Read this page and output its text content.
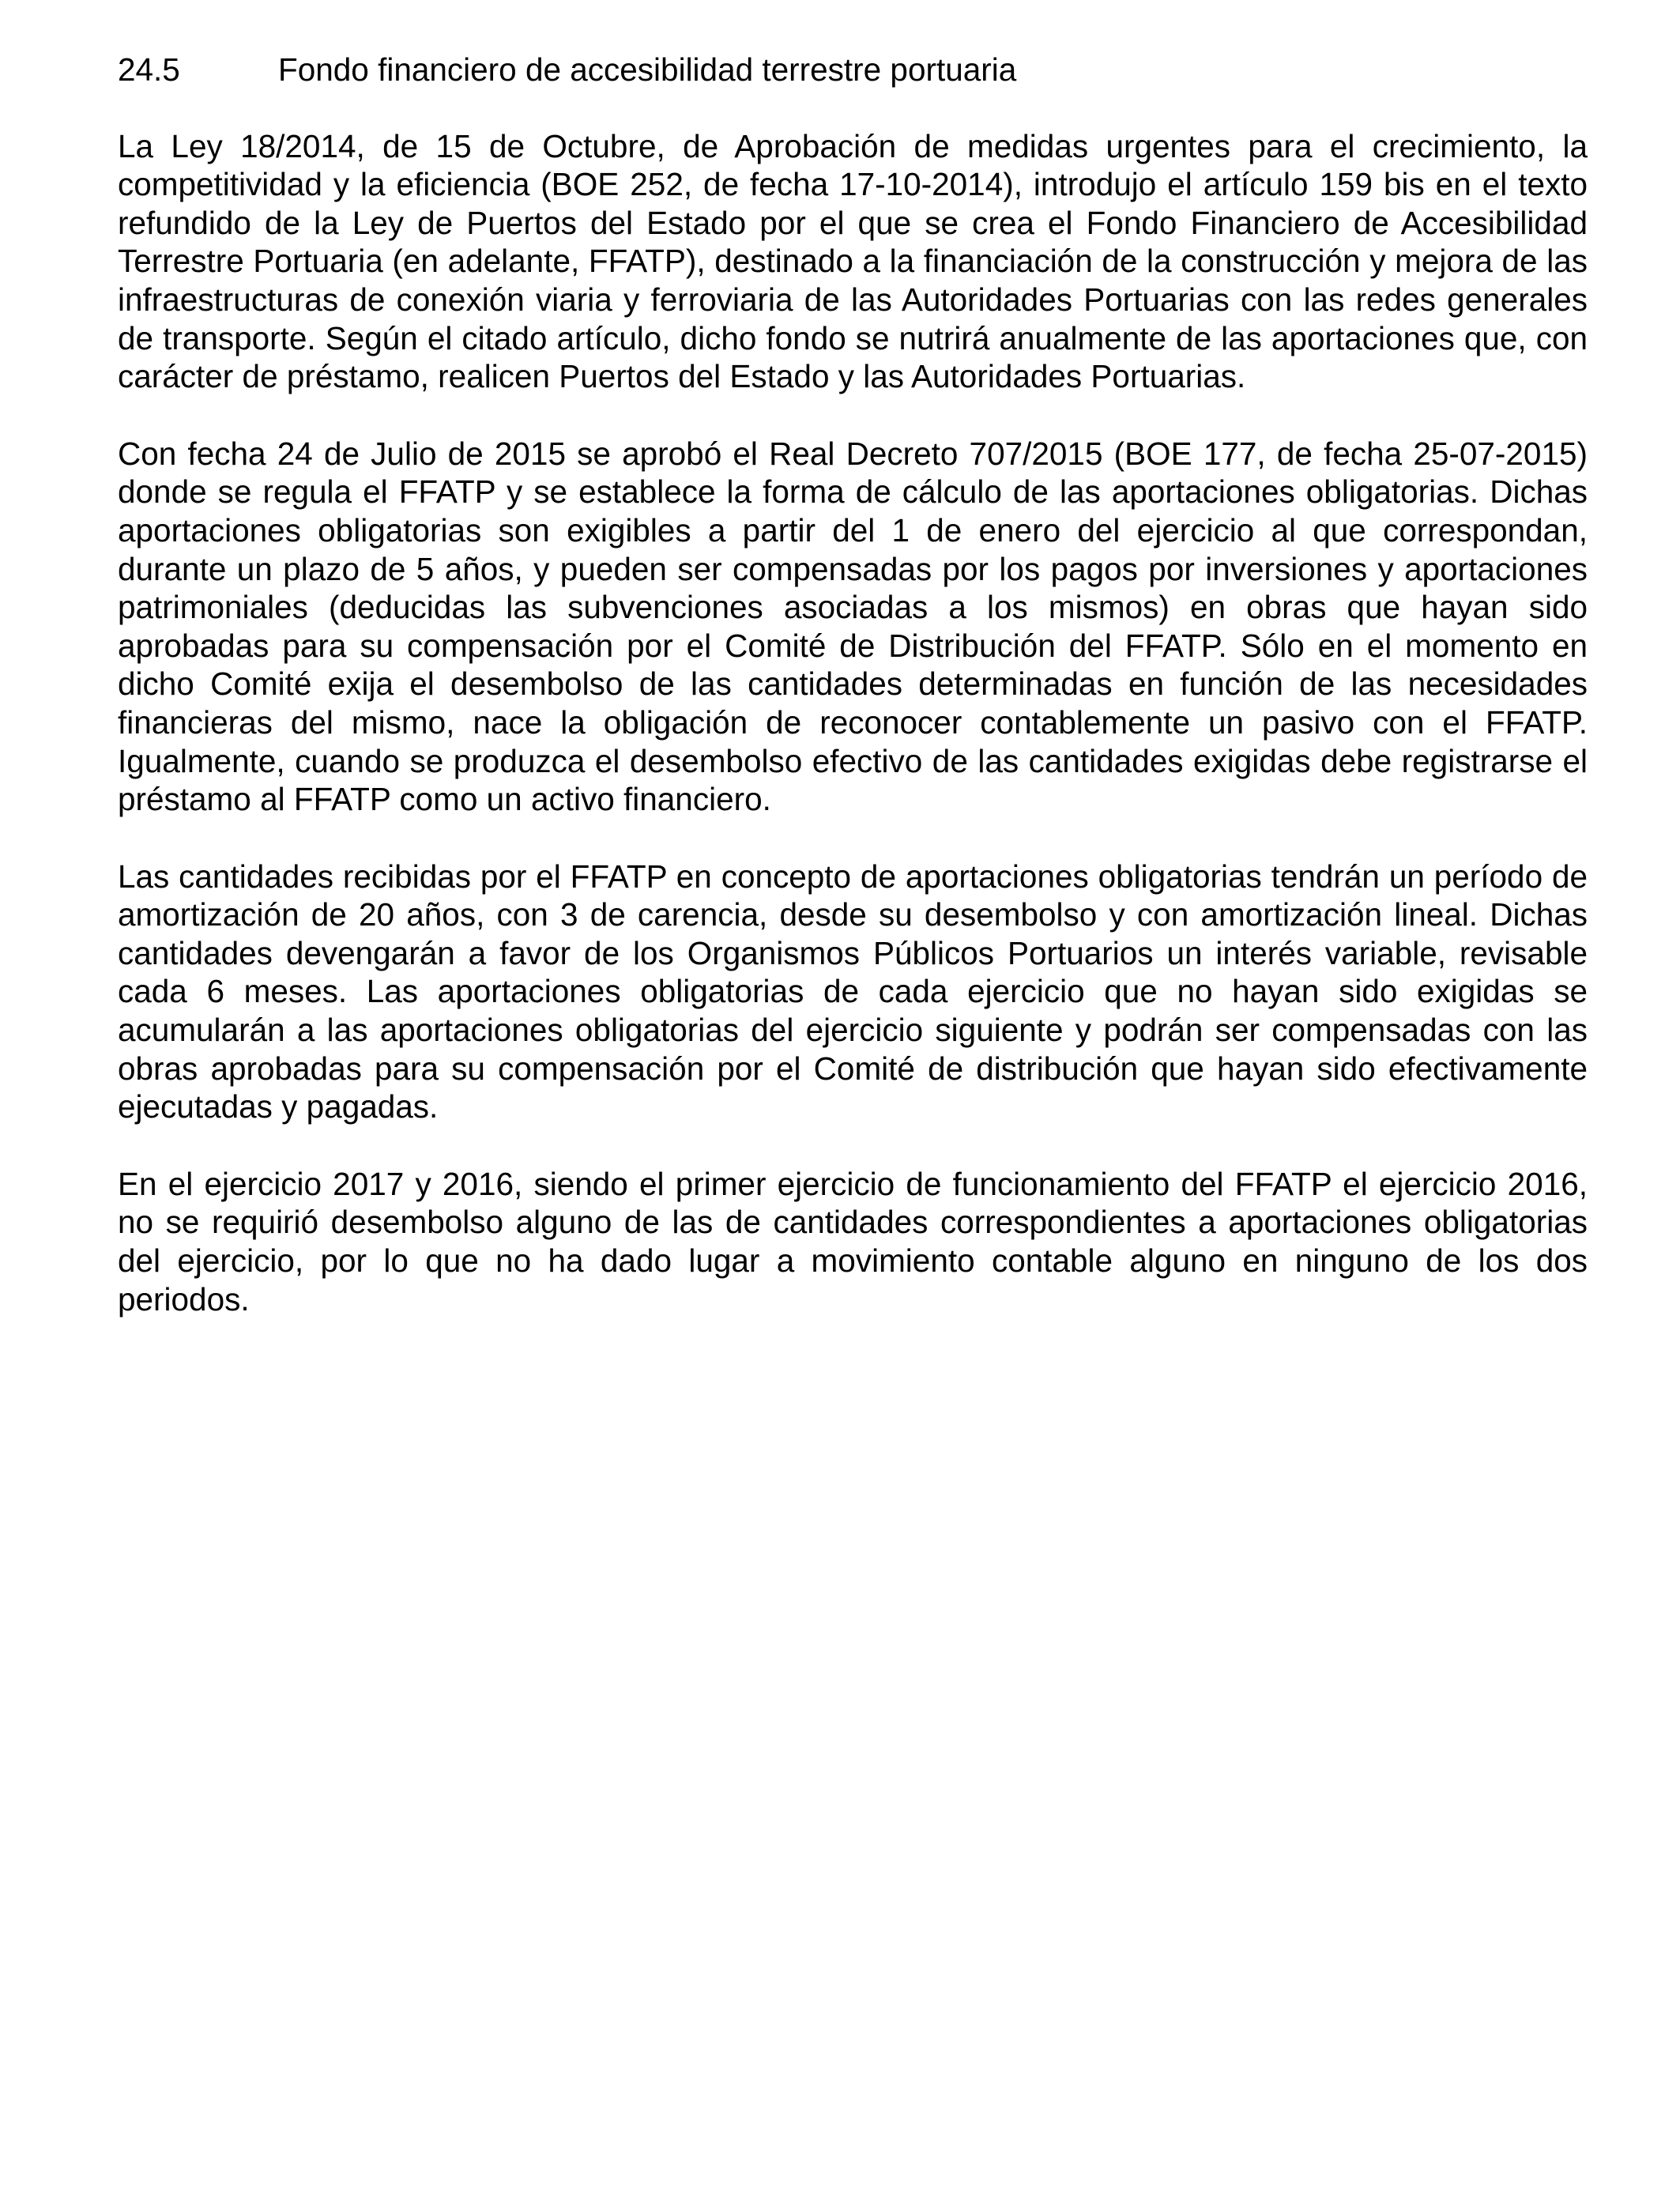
24.5	Fondo financiero de accesibilidad terrestre portuaria

La Ley 18/2014, de 15 de Octubre, de Aprobación de medidas urgentes para el crecimiento, la competitividad y la eficiencia (BOE 252, de fecha 17-10-2014), introdujo el artículo 159 bis en el texto refundido de la Ley de Puertos del Estado por el que se crea el Fondo Financiero de Accesibilidad Terrestre Portuaria (en adelante, FFATP), destinado a la financiación de la construcción y mejora de las infraestructuras de conexión viaria y ferroviaria de las Autoridades Portuarias con las redes generales de transporte. Según el citado artículo, dicho fondo se nutrirá anualmente de las aportaciones que, con carácter de préstamo, realicen Puertos del Estado y las Autoridades Portuarias.

Con fecha 24 de Julio de 2015 se aprobó el Real Decreto 707/2015 (BOE 177, de fecha 25-07-2015) donde se regula el FFATP y se establece la forma de cálculo de las aportaciones obligatorias. Dichas aportaciones obligatorias son exigibles a partir del 1 de enero del ejercicio al que correspondan, durante un plazo de 5 años, y pueden ser compensadas por los pagos por inversiones y aportaciones patrimoniales (deducidas las subvenciones asociadas a los mismos) en obras que hayan sido aprobadas para su compensación por el Comité de Distribución del FFATP. Sólo en el momento en dicho Comité exija el desembolso de las cantidades determinadas en función de las necesidades financieras del mismo, nace la obligación de reconocer contablemente un pasivo con el FFATP. Igualmente, cuando se produzca el desembolso efectivo de las cantidades exigidas debe registrarse el préstamo al FFATP como un activo financiero.

Las cantidades recibidas por el FFATP en concepto de aportaciones obligatorias tendrán un período de amortización de 20 años, con 3 de carencia, desde su desembolso y con amortización lineal. Dichas cantidades devengarán a favor de los Organismos Públicos Portuarios un interés variable, revisable cada 6 meses. Las aportaciones obligatorias de cada ejercicio que no hayan sido exigidas se acumularán a las aportaciones obligatorias del ejercicio siguiente y podrán ser compensadas con las obras aprobadas para su compensación por el Comité de distribución que hayan sido efectivamente ejecutadas y pagadas.

En el ejercicio 2017 y 2016, siendo el primer ejercicio de funcionamiento del FFATP el ejercicio 2016, no se requirió desembolso alguno de las de cantidades correspondientes a aportaciones obligatorias del ejercicio, por lo que no ha dado lugar a movimiento contable alguno en ninguno de los dos periodos.
